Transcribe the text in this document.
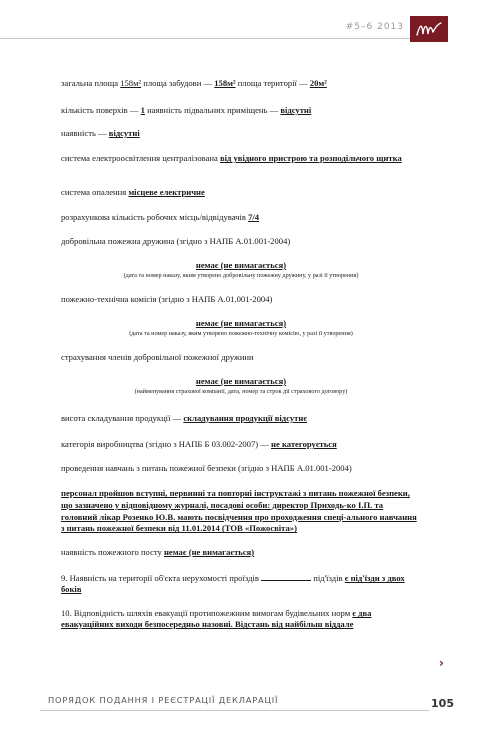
#5–6 2013
загальна площа 158м² площа забудови — 158м² площа території — 20м²
кількість поверхів — 1 наявність підвальних приміщень — відсутні
наявність — відсутні
система електроосвітлення централізована від увідного пристрою та розподільчого щитка
система опалення місцеве електричне
розрахункова кількість робочих місць/відвідувачів 7/4
добровільна пожежна дружина (згідно з НАПБ А.01.001-2004)
немає (не вимагається)
(дата та номер наказу, яким утворено добровільну пожежну дружину, у разі її утворення)
пожежно-технічна комісія (згідно з НАПБ А.01.001-2004)
немає (не вимагається)
(дата та номер наказу, яким утворено пожежно-технічну комісію, у разі її утворення)
страхування членів добровільної пожежної дружини
немає (не вимагається)
(найменування страхової компанії, дата, номер та строк дії страхового договору)
висота складування продукції — складування продукції відсутнє
категорія виробництва (згідно з НАПБ Б 03.002-2007) — не категорується
проведення навчань з питань пожежної безпеки (згідно з НАПБ А.01.001-2004)
персонал пройшов вступні, первинні та повторні інструктажі з питань пожежної безпеки, що зазначено у відповідному журналі, посадові особи: директор Приходь-ко І.П. та головний лікар Розенко Ю.В. мають посвідчення про проходження спеці-ального навчання з питань пожежної безпеки від 11.01.2014 (ТОВ «Пожосвіта»)
наявність пожежного посту немає (не вимагається)
9. Наявність на території об'єкта нерухомості проїздів	під'їздів є під'їзди з двох боків
10. Відповідність шляхів евакуації протипожежним вимогам будівельних норм є два евакуаційних виходи безпосередньо назовні. Відстань від найбільш віддале
›
ПОРЯДОК ПОДАННЯ І РЕЄСТРАЦІЇ ДЕКЛАРАЦІЇ	105
